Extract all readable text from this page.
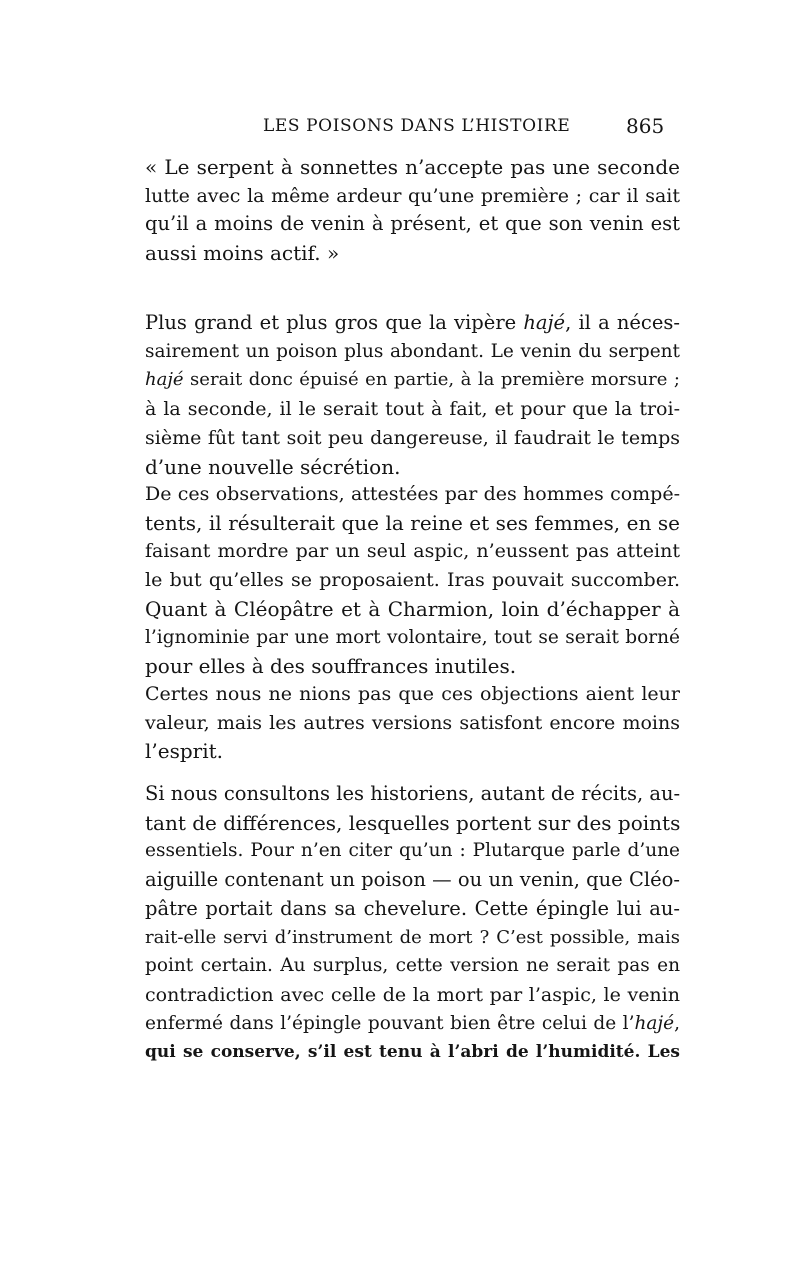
LES POISONS DANS L’HISTOIRE	865
« Le serpent à sonnettes n’accepte pas une seconde
lutte avec la même ardeur qu’une première ; car il sait
qu’il a moins de venin à présent, et que son venin est
aussi moins actif. »
Plus grand et plus gros que la vipère hajé, il a néces-
sairement un poison plus abondant. Le venin du serpent
hajé serait donc épuisé en partie, à la première morsure ;
à la seconde, il le serait tout à fait, et pour que la troi-
sième fût tant soit peu dangereuse, il faudrait le temps
d’une nouvelle sécrétion.
De ces observations, attestées par des hommes compé-
tents, il résulterait que la reine et ses femmes, en se
faisant mordre par un seul aspic, n’eussent pas atteint
le but qu’elles se proposaient. Iras pouvait succomber.
Quant à Cléopâtre et à Charmion, loin d’échapper à
l’ignominie par une mort volontaire, tout se serait borné
pour elles à des souffrances inutiles.
Certes nous ne nions pas que ces objections aient leur
valeur, mais les autres versions satisfont encore moins
l’esprit.
Si nous consultons les historiens, autant de récits, au-
tant de différences, lesquelles portent sur des points
essentiels. Pour n’en citer qu’un : Plutarque parle d’une
aiguille contenant un poison — ou un venin, que Cléo-
pâtre portait dans sa chevelure. Cette épingle lui au-
rait-elle servi d’instrument de mort ? C’est possible, mais
point certain. Au surplus, cette version ne serait pas en
contradiction avec celle de la mort par l’aspic, le venin
enfermé dans l’épingle pouvant bien être celui de l’hajé,
qui se conserve, s’il est tenu à l’abri de l’humidité. Les
